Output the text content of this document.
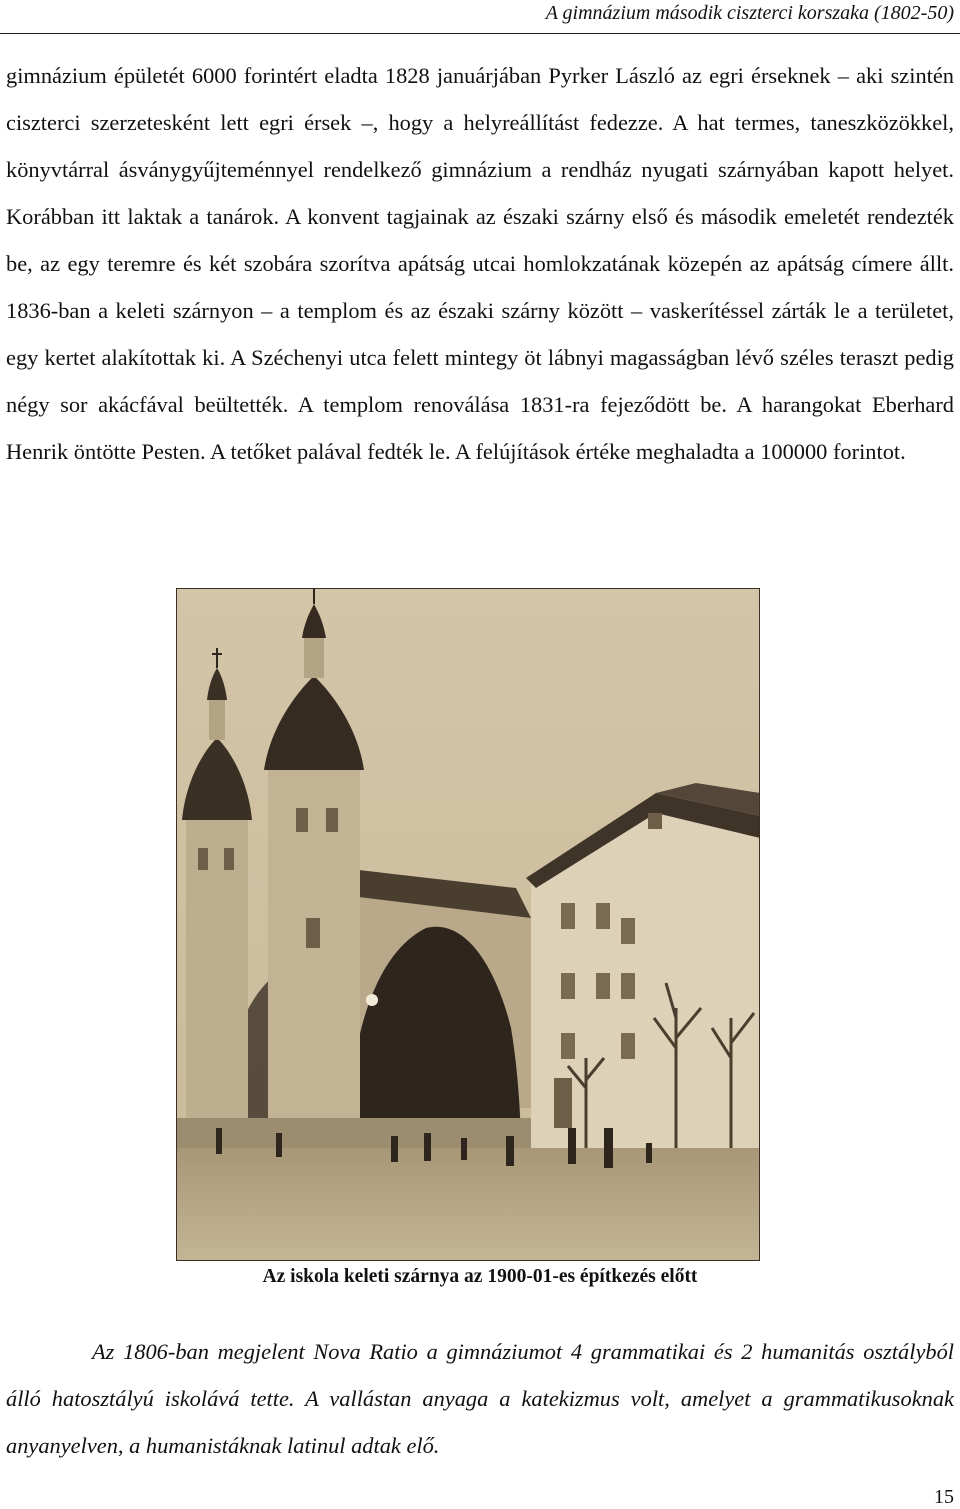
A gimnázium második ciszterci korszaka (1802-50)

gimnázium épületét 6000 forintért eladta 1828 januárjában Pyrker László az egri érseknek – aki szintén ciszterci szerzetesként lett egri érsek –, hogy a helyreállítást fedezze. A hat termes, taneszközökkel, könyvtárral ásványgyűjteménnyel rendelkező gimnázium a rendház nyugati szárnyában kapott helyet. Korábban itt laktak a tanárok. A konvent tagjainak az északi szárny első és második emeletét rendezték be, az egy teremre és két szobára szorítva apátság utcai homlokzatának közepén az apátság címere állt. 1836-ban a keleti szárnyon – a templom és az északi szárny között – vaskerítéssel zárták le a területet, egy kertet alakítottak ki. A Széchenyi utca felett mintegy öt lábnyi magasságban lévő széles teraszt pedig négy sor akácfával beültették. A templom renoválása 1831-ra fejeződött be. A harangokat Eberhard Henrik öntötte Pesten. A tetőket palával fedték le. A felújítások értéke meghaladta a 100000 forintot.

Az iskola keleti szárnya az 1900-01-es építkezés előtt

Az 1806-ban megjelent Nova Ratio a gimnáziumot 4 grammatikai és 2 humanitás osztályból álló hatosztályú iskolává tette. A vallástan anyaga a katekizmus volt, amelyet a grammatikusoknak anyanyelven, a humanistáknak latinul adtak elő.

15
